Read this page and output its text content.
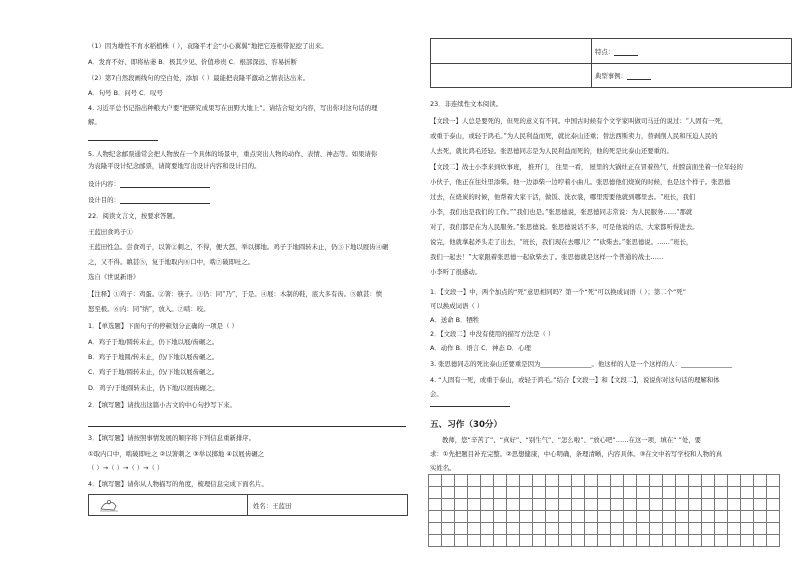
（1）因为雄性不育水稻植株（ ），袁隆平才会“小心翼翼”地把它连根带泥挖了出来。
A．发育不好、即将枯萎 B．极其少见、价值珍贵 C．根部深远、容易折断
（2）第7自然段画线句的空白处，添加（ ）最能把袁隆平激动之情表达出来。
A．句号 B．问号 C．叹号
4. 习近平总书记指出种粮大户要“把研究成果写在田野大地上”。请结合短文内容，写出你对这句话的理
解。
5. 人物纪念邮票通常会把人物放在一个具体的场景中，重点突出人物的动作、表情、神态等。如果请你
为袁隆平设计纪念邮票，请简要地写出设计内容和设计目的。
设计内容：
设计目的：
22．阅读文言文，按要求答题。
王蓝田食鸡子①
王蓝田性急。尝食鸡子，以箸②刺之，不得，便大怒，举以掷地。鸡子于地圆转未止，仍③下地以屐齿④碾
之，又不得。瞋甚⑤，复于地取内⑥口中，啮⑦破即吐之。
选自《世说新语》
【注释】①鸡子：鸡蛋。②箸：筷子。③仍：同“乃”，于是。④屐：木制的鞋，底大多有齿。⑤瞋甚：愤
怒至极。⑥内：同“纳”，放入。⑦啮：咬。
1．【单选题】下面句子的停顿划分正确的一项是（ ）
A．鸡子于地/圆转未止，仍下地以屐/齿碾之。
B．鸡子于地圆/转未止，仍/下地以屐齿碾之。
C．鸡子于地/圆转未止，仍/下地以屐齿碾之。
D．鸡子/于地圆转未止，仍下地/以屐齿碾之。
2．【填写题】请找出这篇小古文的中心句抄写下来。
3．【填写题】请按照事情发展的顺序将下列信息重新排序。
①取内口中，啮破即吐之 ②以箸刺之 ③举以掷地 ④以屐齿碾之
（ ）→（ ）→（ ）→（ ）
4．【填写题】请你从人物描写的角度，梳理信息完成下面名片。
姓名：王蓝田
特点：
典型事例：
23．非连续性文本阅读。
【文段一】人总是要死的，但死的意义有不同。中国古时候有个文学家叫做司马迁的说过：“人固有一死，
或重于泰山，或轻于鸿毛。”为人民利益而死，就比泰山还重；替法西斯卖力，替剥削人民和压迫人民的
人去死，就比鸿毛还轻。张思德同志是为人民利益而死的，他的死是比泰山还要重的。
【文段二】战士小李来到炊事班， 推开门， 往里一看， 屋里的大锅灶正在冒着热气，灶膛前面坐着一位年轻的
小伙子，他正在往灶里添柴。他一边添柴一边哼着小曲儿。张思德他们烧炭的时候，也是这个样子。张思德
过去，在烧炭的时候，他帮着大家干活，做饭、洗衣裳，哪里需要他就到哪里去。“班长，我们
小李，我们也是我们的工作。”“我们也是。”张思德说，张思德同志常说：为人民服务……“那就
对了，我们都是在为人民服务。”张思德说。张思德说话不多，可是他说的话，大家都听得进去。
说完，他就拿起斧头走了出去，“班长，我们现在去哪儿？”“砍柴去。”张思德说。……“班长，
我们一起去！”大家跟着张思德一起砍柴去了。张思德就是这样一个普通的战士……
小李听了很感动。
1．【文段一】中，两个加点的“死”意思相同吗？第一个“死”可以换成词语（ ）；第二个“死”
可以换成词语（ ）
A．送命 B．牺牲
2．【文段二】中没有使用的描写方法是（ ）
A．动作 B．语言 C．神态 D．心理
3. 张思德同志的死比泰山还要重是因为________________。他这样的人是一个这样的人：________________
4. “人固有一死，或重于泰山，或轻于鸿毛。”结合【文段一】和【文段二】，说说你对这句话的理解和体
会。
五、习作（30分）
教师，您“辛苦了”、“真好”、“别生气”、“怎么啦”、“放心吧”……在这一项，填在“ ”处，要
求：①先把题目补充完整。②思想健康，中心明确，条理清晰，内容具体。③在文中若写学校和人物的真
实姓名。
